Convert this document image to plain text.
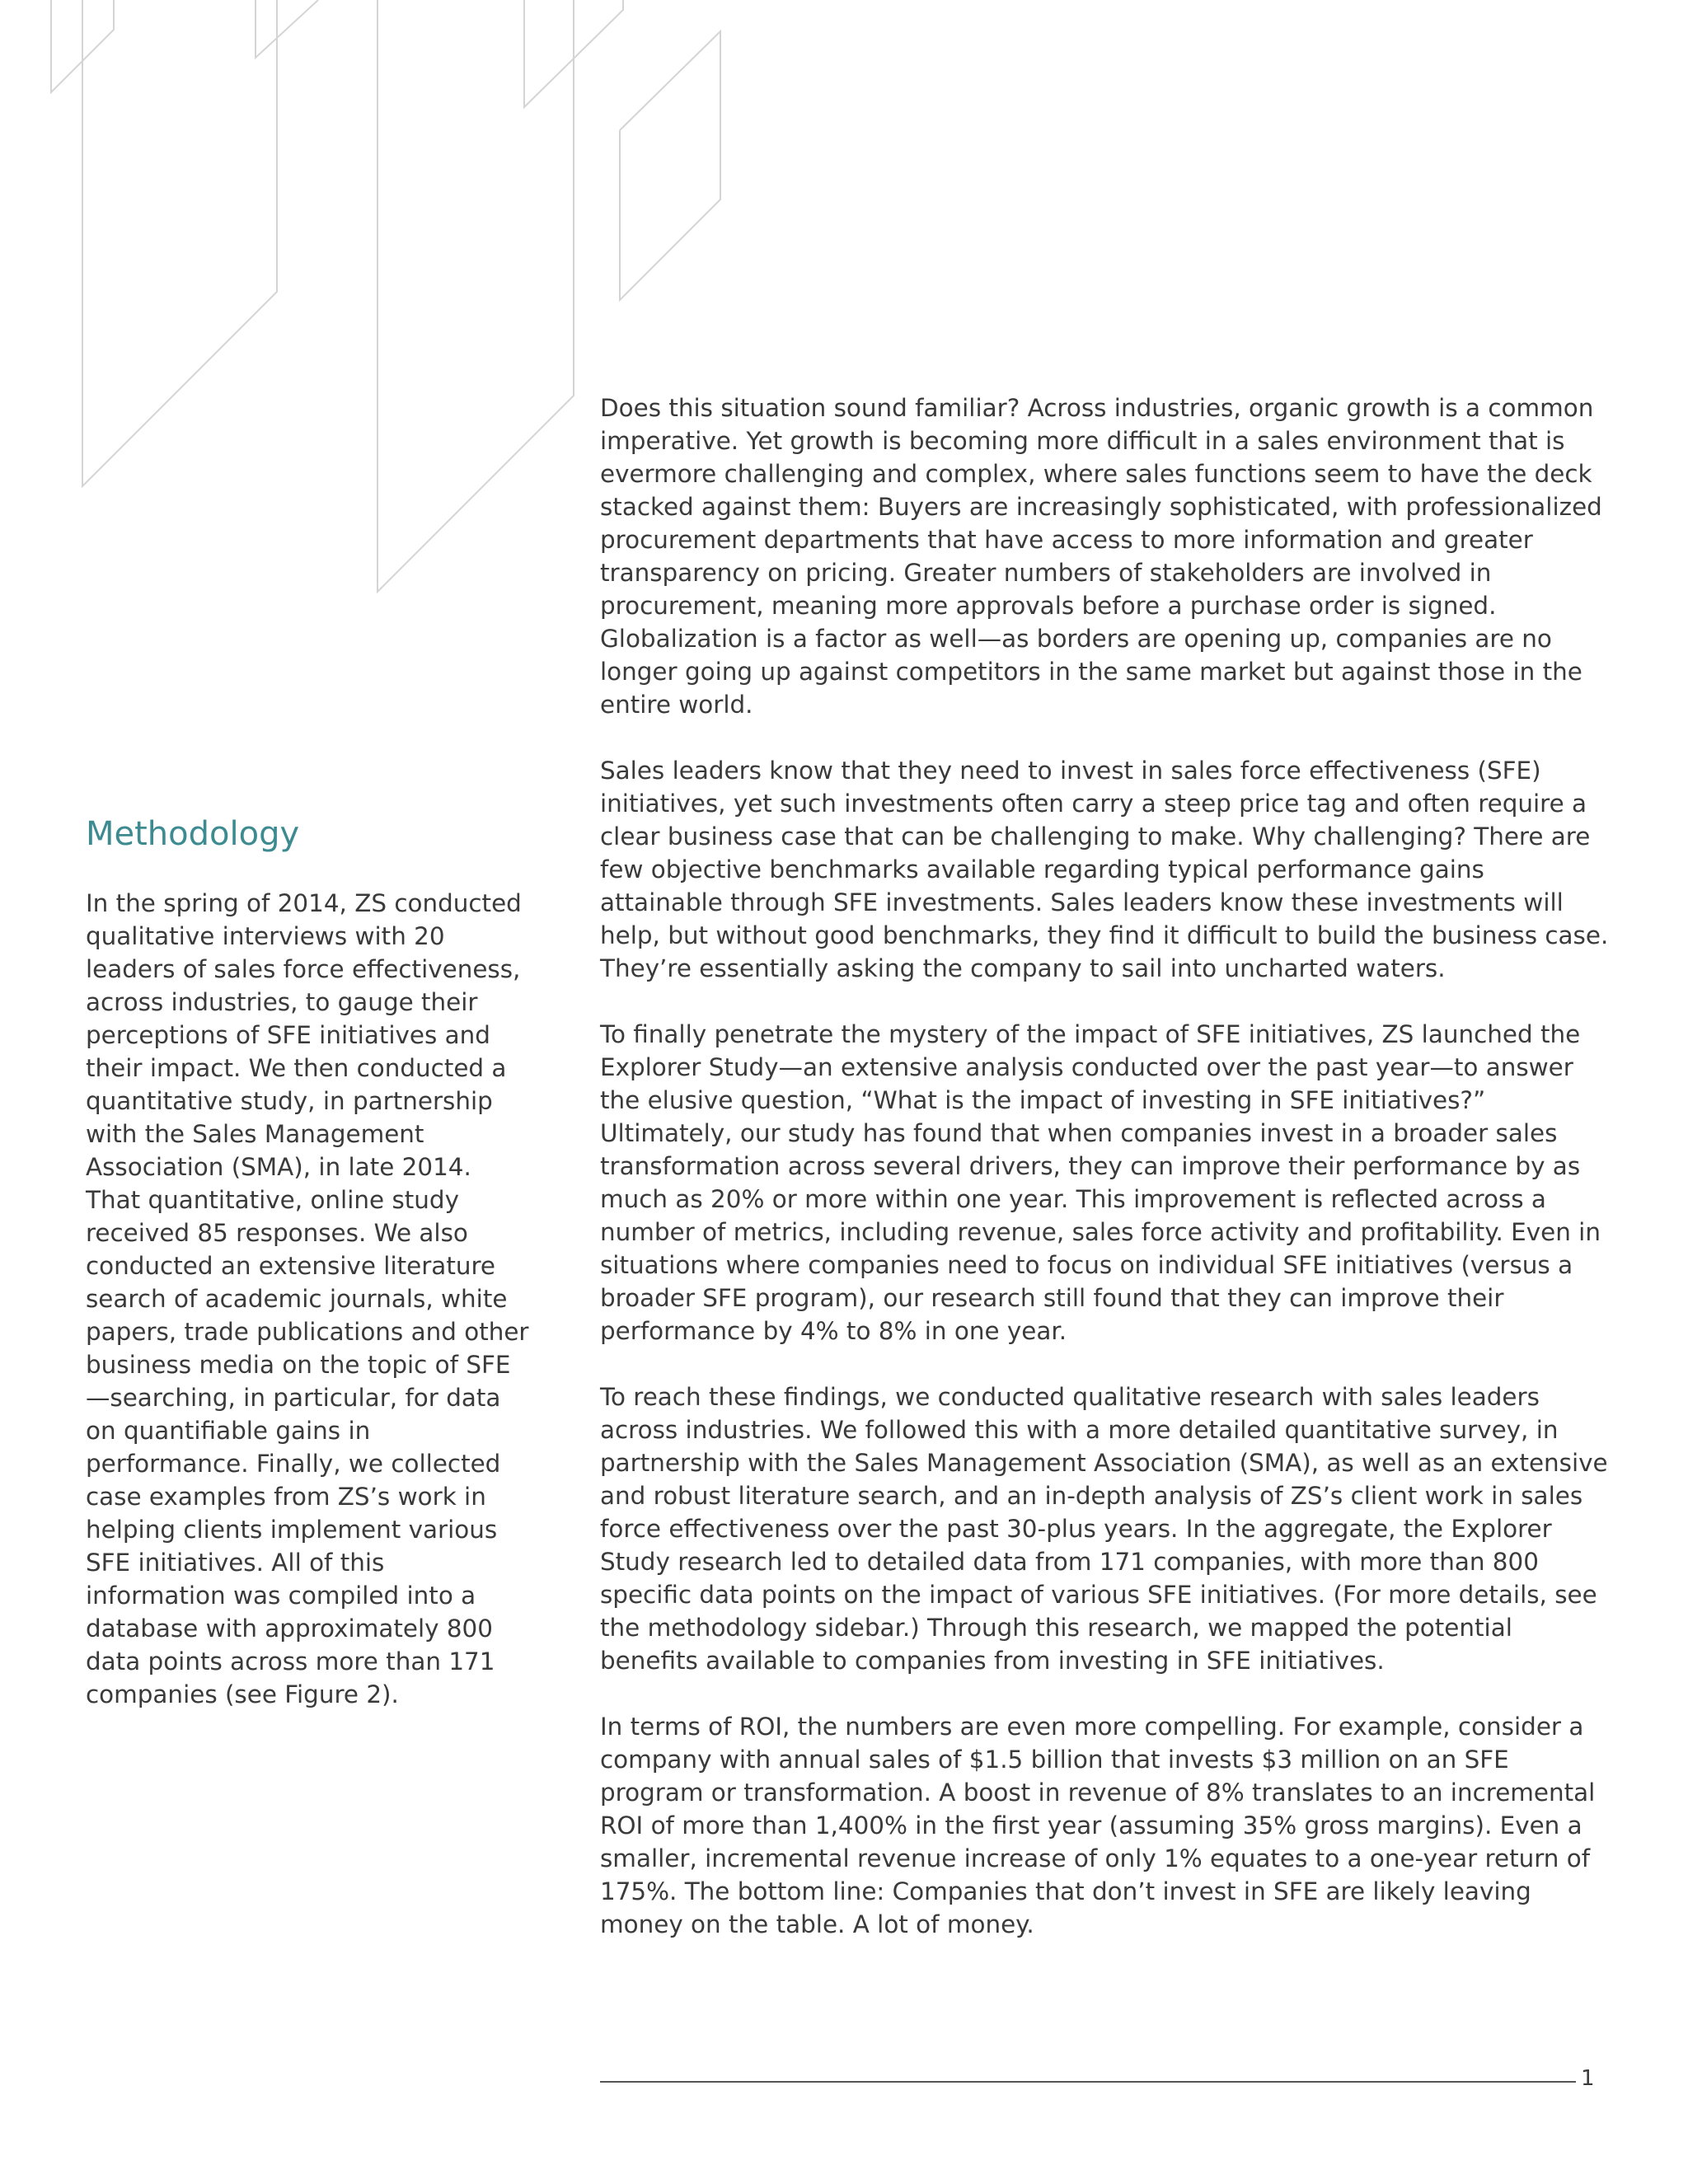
Methodology

In the spring of 2014, ZS conducted qualitative interviews with 20 leaders of sales force effectiveness, across industries, to gauge their perceptions of SFE initiatives and their impact. We then conducted a quantitative study, in partnership with the Sales Management Association (SMA), in late 2014. That quantitative, online study received 85 responses. We also conducted an extensive literature search of academic journals, white papers, trade publications and other business media on the topic of SFE—searching, in particular, for data on quantifiable gains in performance. Finally, we collected case examples from ZS’s work in helping clients implement various SFE initiatives. All of this information was compiled into a database with approximately 800 data points across more than 171 companies (see Figure 2).

Does this situation sound familiar? Across industries, organic growth is a common imperative. Yet growth is becoming more difficult in a sales environment that is evermore challenging and complex, where sales functions seem to have the deck stacked against them: Buyers are increasingly sophisticated, with professionalized procurement departments that have access to more information and greater transparency on pricing. Greater numbers of stakeholders are involved in procurement, meaning more approvals before a purchase order is signed. Globalization is a factor as well—as borders are opening up, companies are no longer going up against competitors in the same market but against those in the entire world.

Sales leaders know that they need to invest in sales force effectiveness (SFE) initiatives, yet such investments often carry a steep price tag and often require a clear business case that can be challenging to make. Why challenging? There are few objective benchmarks available regarding typical performance gains attainable through SFE investments. Sales leaders know these investments will help, but without good benchmarks, they find it difficult to build the business case. They’re essentially asking the company to sail into uncharted waters.

To finally penetrate the mystery of the impact of SFE initiatives, ZS launched the Explorer Study—an extensive analysis conducted over the past year—to answer the elusive question, “What is the impact of investing in SFE initiatives?” Ultimately, our study has found that when companies invest in a broader sales transformation across several drivers, they can improve their performance by as much as 20% or more within one year. This improvement is reflected across a number of metrics, including revenue, sales force activity and profitability. Even in situations where companies need to focus on individual SFE initiatives (versus a broader SFE program), our research still found that they can improve their performance by 4% to 8% in one year.

To reach these findings, we conducted qualitative research with sales leaders across industries. We followed this with a more detailed quantitative survey, in partnership with the Sales Management Association (SMA), as well as an extensive and robust literature search, and an in-depth analysis of ZS’s client work in sales force effectiveness over the past 30-plus years. In the aggregate, the Explorer Study research led to detailed data from 171 companies, with more than 800 specific data points on the impact of various SFE initiatives. (For more details, see the methodology sidebar.) Through this research, we mapped the potential benefits available to companies from investing in SFE initiatives.

In terms of ROI, the numbers are even more compelling. For example, consider a company with annual sales of $1.5 billion that invests $3 million on an SFE program or transformation. A boost in revenue of 8% translates to an incremental ROI of more than 1,400% in the first year (assuming 35% gross margins). Even a smaller, incremental revenue increase of only 1% equates to a one-year return of 175%. The bottom line: Companies that don’t invest in SFE are likely leaving money on the table. A lot of money.

1
